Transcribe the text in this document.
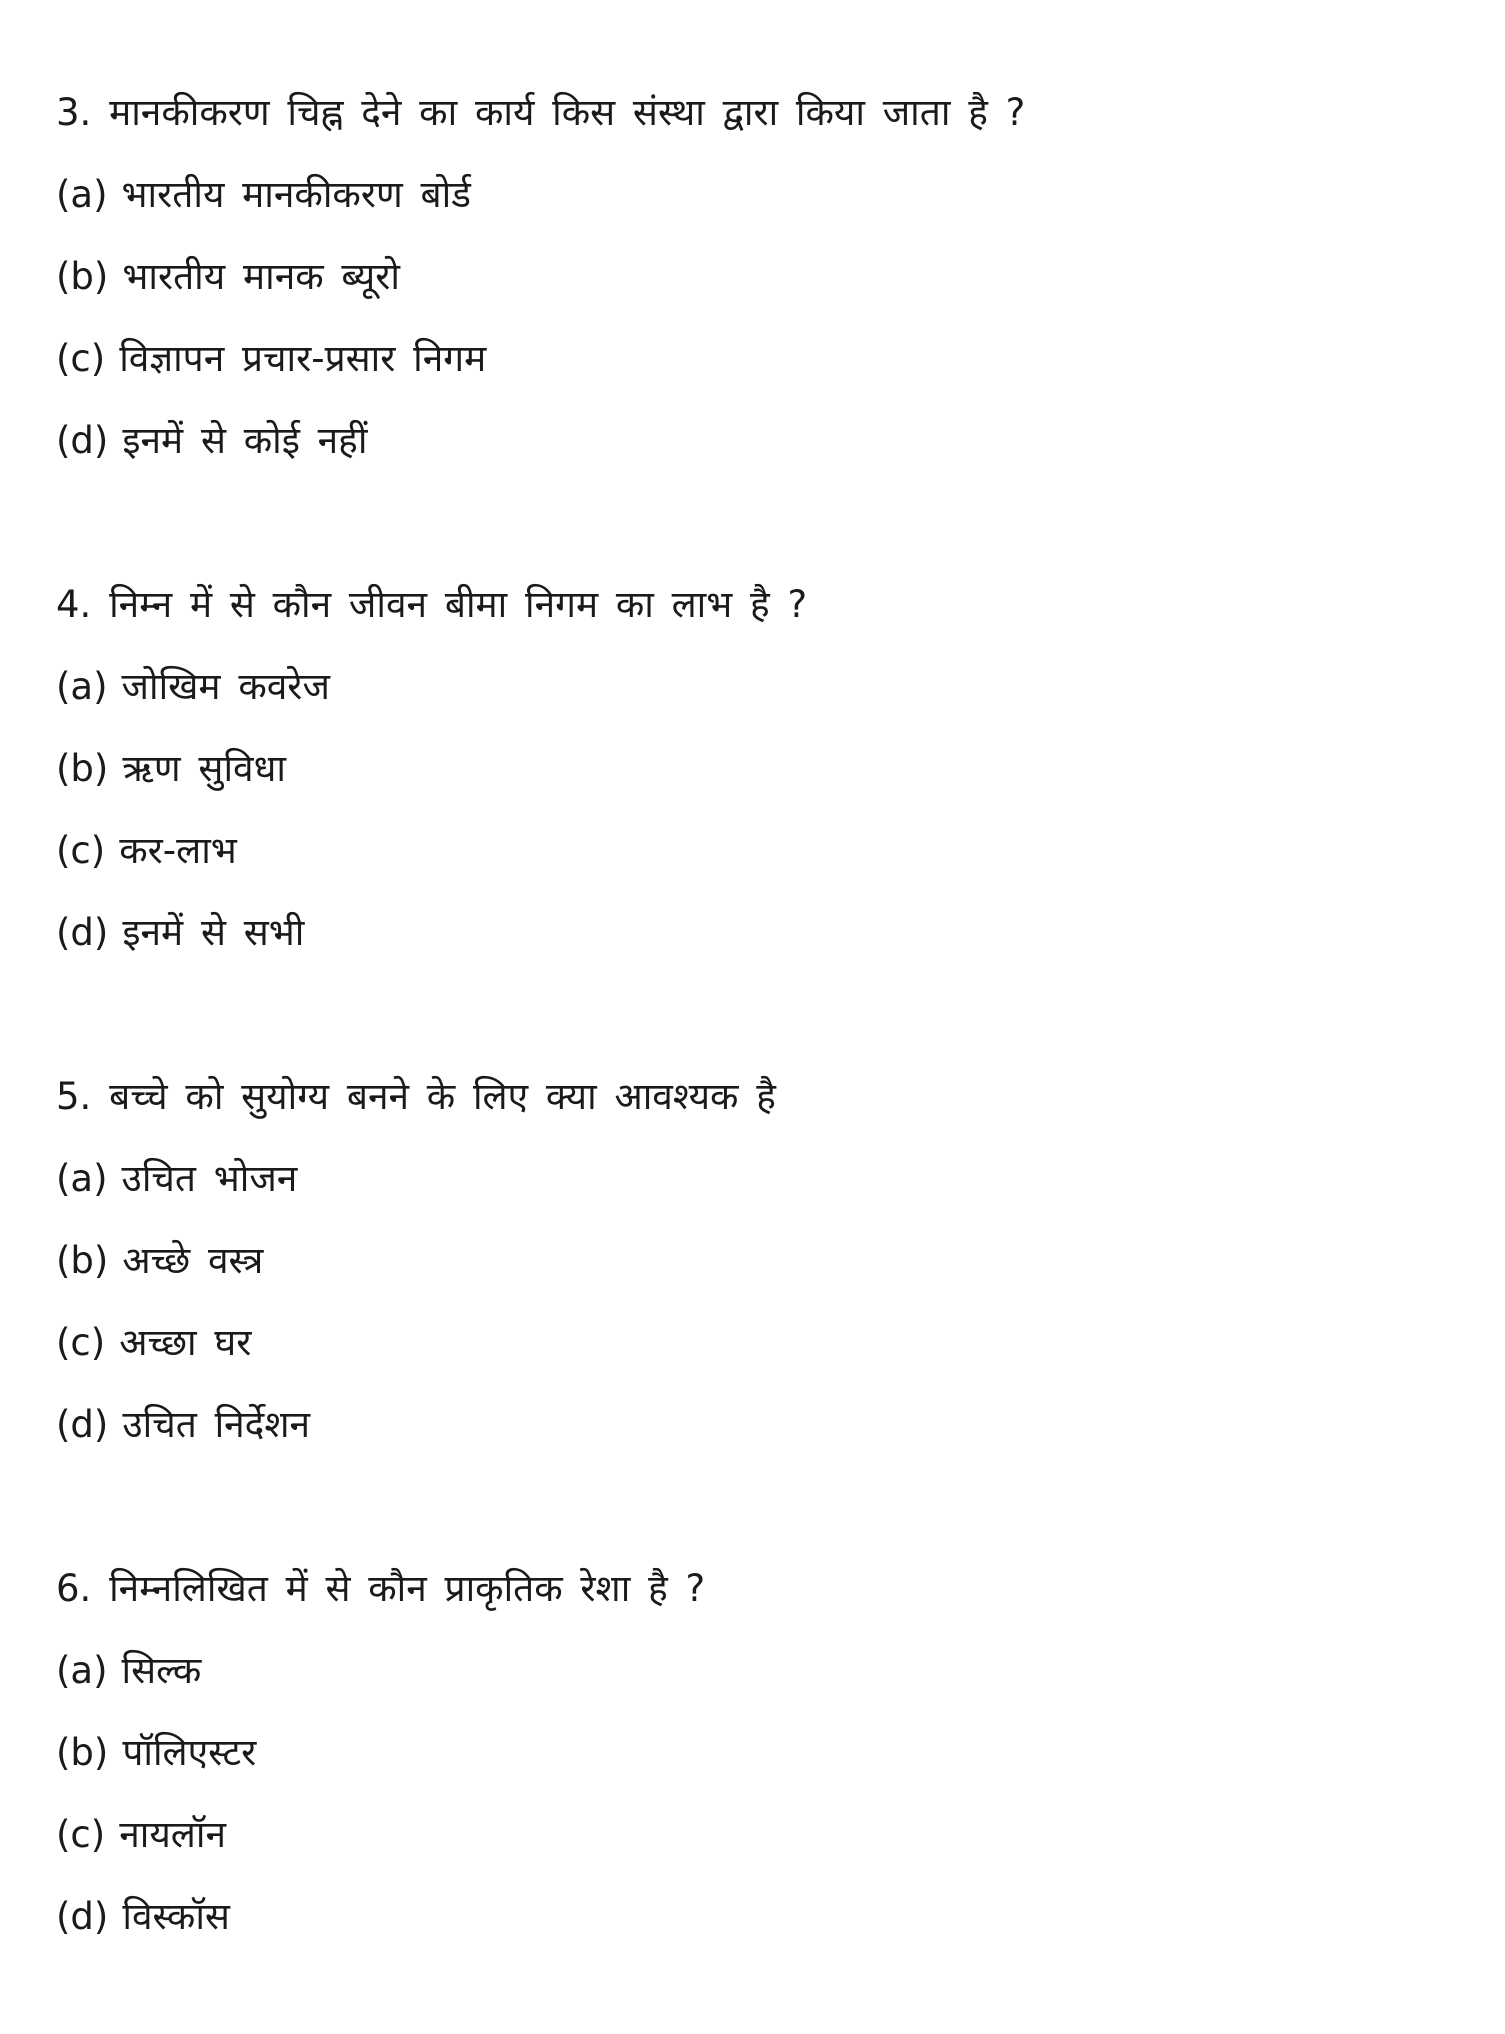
3. मानकीकरण चिह्न देने का कार्य किस संस्था द्वारा किया जाता है ?
(a) भारतीय मानकीकरण बोर्ड
(b) भारतीय मानक ब्यूरो
(c) विज्ञापन प्रचार-प्रसार निगम
(d) इनमें से कोई नहीं
4. निम्न में से कौन जीवन बीमा निगम का लाभ है ?
(a) जोखिम कवरेज
(b) ऋण सुविधा
(c) कर-लाभ
(d) इनमें से सभी
5. बच्चे को सुयोग्य बनने के लिए क्या आवश्यक है
(a) उचित भोजन
(b) अच्छे वस्त्र
(c) अच्छा घर
(d) उचित निर्देशन
6. निम्नलिखित में से कौन प्राकृतिक रेशा है ?
(a) सिल्क
(b) पॉलिएस्टर
(c) नायलॉन
(d) विस्कॉस
